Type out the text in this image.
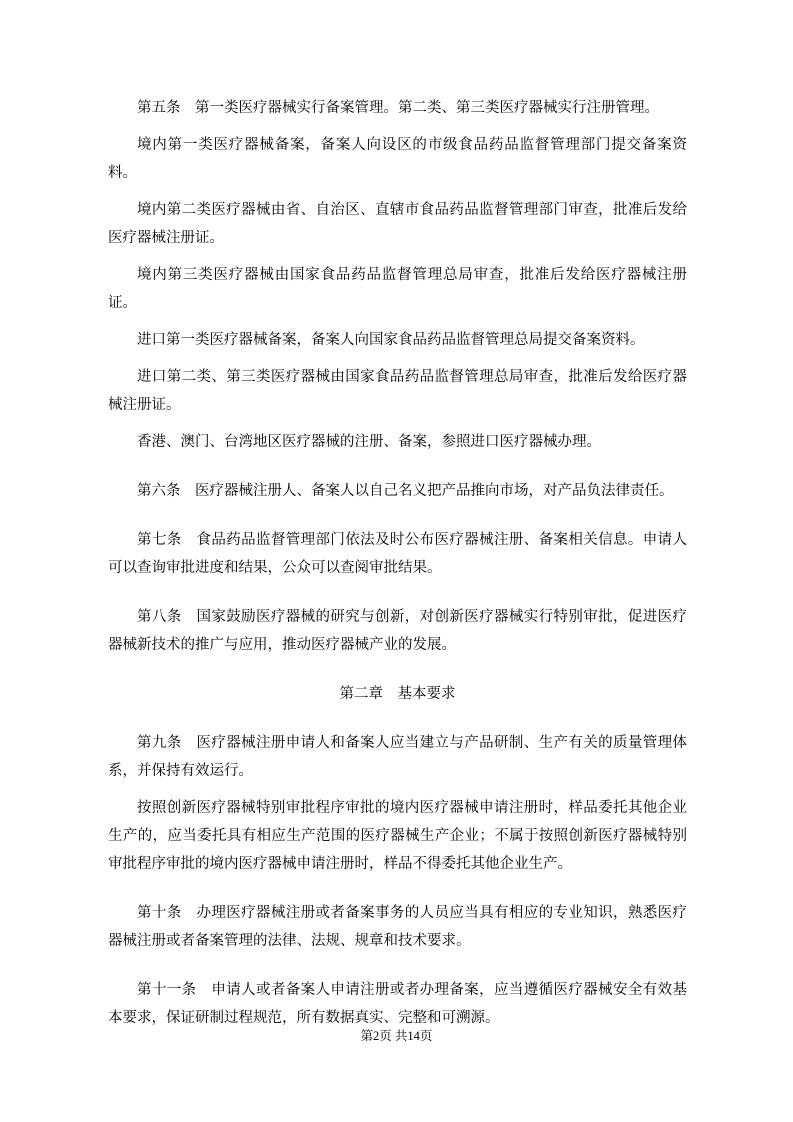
第五条　第一类医疗器械实行备案管理。第二类、第三类医疗器械实行注册管理。

境内第一类医疗器械备案，备案人向设区的市级食品药品监督管理部门提交备案资料。

境内第二类医疗器械由省、自治区、直辖市食品药品监督管理部门审查，批准后发给医疗器械注册证。

境内第三类医疗器械由国家食品药品监督管理总局审查，批准后发给医疗器械注册证。

进口第一类医疗器械备案，备案人向国家食品药品监督管理总局提交备案资料。

进口第二类、第三类医疗器械由国家食品药品监督管理总局审查，批准后发给医疗器械注册证。

香港、澳门、台湾地区医疗器械的注册、备案，参照进口医疗器械办理。

第六条　医疗器械注册人、备案人以自己名义把产品推向市场，对产品负法律责任。

第七条　食品药品监督管理部门依法及时公布医疗器械注册、备案相关信息。申请人可以查询审批进度和结果，公众可以查阅审批结果。

第八条　国家鼓励医疗器械的研究与创新，对创新医疗器械实行特别审批，促进医疗器械新技术的推广与应用，推动医疗器械产业的发展。

第二章　基本要求

第九条　医疗器械注册申请人和备案人应当建立与产品研制、生产有关的质量管理体系，并保持有效运行。

按照创新医疗器械特别审批程序审批的境内医疗器械申请注册时，样品委托其他企业生产的，应当委托具有相应生产范围的医疗器械生产企业；不属于按照创新医疗器械特别审批程序审批的境内医疗器械申请注册时，样品不得委托其他企业生产。

第十条　办理医疗器械注册或者备案事务的人员应当具有相应的专业知识，熟悉医疗器械注册或者备案管理的法律、法规、规章和技术要求。

第十一条　申请人或者备案人申请注册或者办理备案，应当遵循医疗器械安全有效基本要求，保证研制过程规范，所有数据真实、完整和可溯源。

第2页 共14页
